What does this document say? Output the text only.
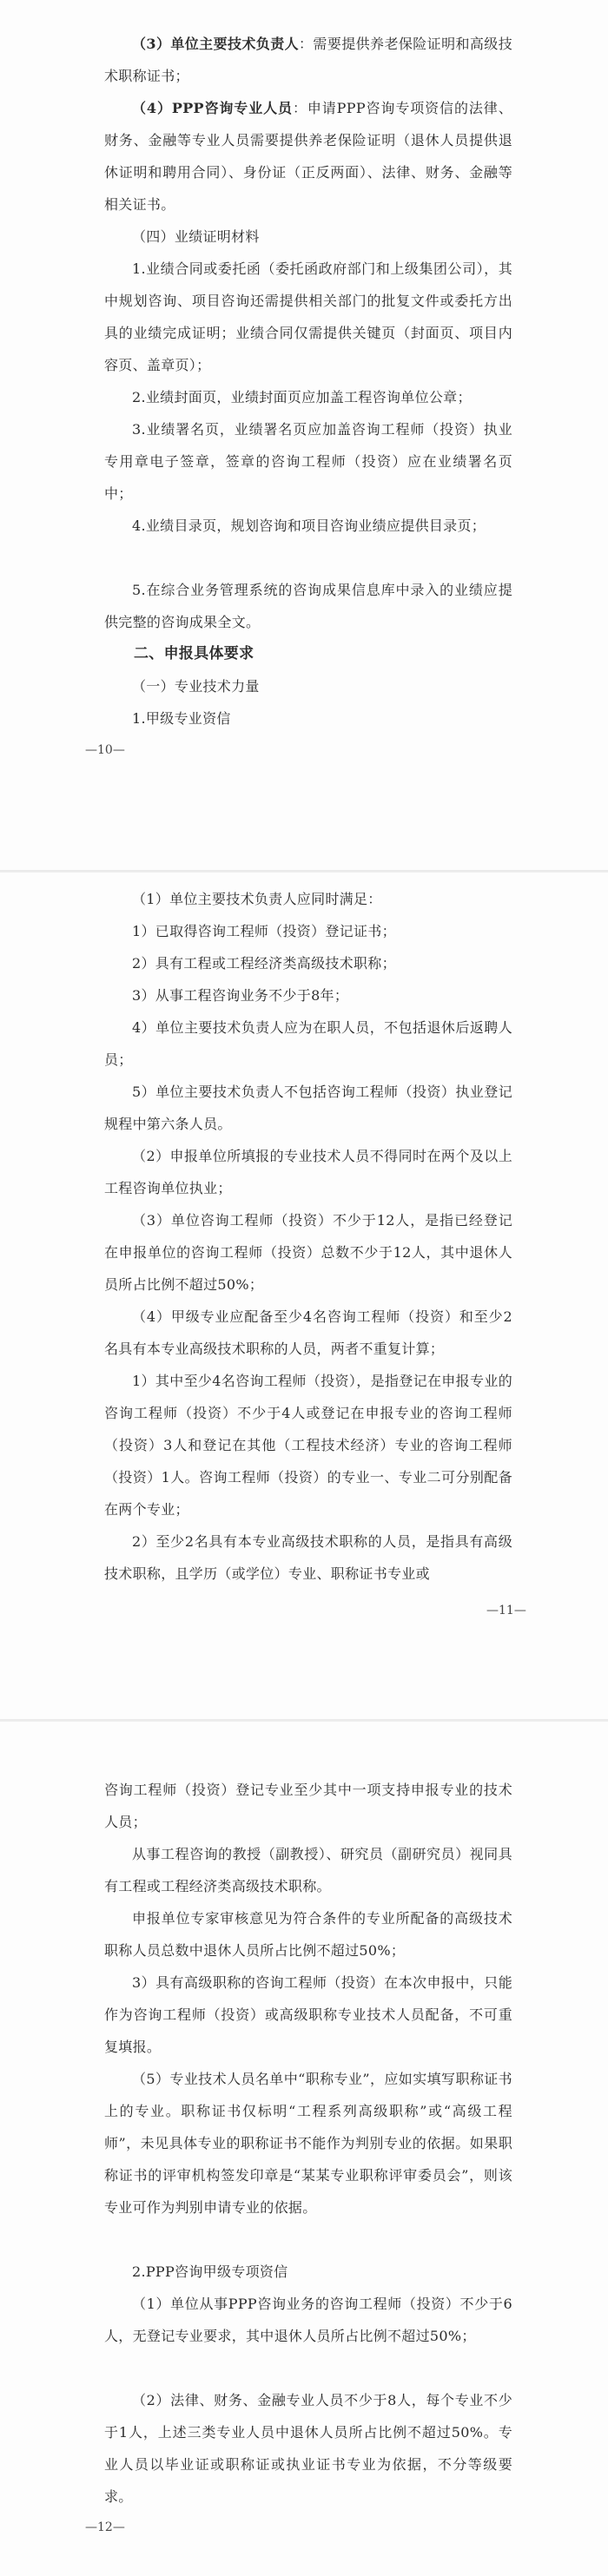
（3）单位主要技术负责人：需要提供养老保险证明和高级技术职称证书；

（4）PPP咨询专业人员：申请PPP咨询专项资信的法律、财务、金融等专业人员需要提供养老保险证明（退休人员提供退休证明和聘用合同）、身份证（正反两面）、法律、财务、金融等相关证书。

（四）业绩证明材料

1.业绩合同或委托函（委托函政府部门和上级集团公司），其中规划咨询、项目咨询还需提供相关部门的批复文件或委托方出具的业绩完成证明；业绩合同仅需提供关键页（封面页、项目内容页、盖章页）；

2.业绩封面页，业绩封面页应加盖工程咨询单位公章；

3.业绩署名页，业绩署名页应加盖咨询工程师（投资）执业专用章电子签章，签章的咨询工程师（投资）应在业绩署名页中；

4.业绩目录页，规划咨询和项目咨询业绩应提供目录页；

5.在综合业务管理系统的咨询成果信息库中录入的业绩应提供完整的咨询成果全文。

二、申报具体要求

（一）专业技术力量

1.甲级专业资信

—10—

（1）单位主要技术负责人应同时满足：

1）已取得咨询工程师（投资）登记证书；

2）具有工程或工程经济类高级技术职称；

3）从事工程咨询业务不少于8年；

4）单位主要技术负责人应为在职人员，不包括退休后返聘人员；

5）单位主要技术负责人不包括咨询工程师（投资）执业登记规程中第六条人员。

（2）申报单位所填报的专业技术人员不得同时在两个及以上工程咨询单位执业；

（3）单位咨询工程师（投资）不少于12人，是指已经登记在申报单位的咨询工程师（投资）总数不少于12人，其中退休人员所占比例不超过50%；

（4）甲级专业应配备至少4名咨询工程师（投资）和至少2名具有本专业高级技术职称的人员，两者不重复计算；

1）其中至少4名咨询工程师（投资），是指登记在申报专业的咨询工程师（投资）不少于4人或登记在申报专业的咨询工程师（投资）3人和登记在其他（工程技术经济）专业的咨询工程师（投资）1人。咨询工程师（投资）的专业一、专业二可分别配备在两个专业；

2）至少2名具有本专业高级技术职称的人员，是指具有高级技术职称，且学历（或学位）专业、职称证书专业或

—11—

咨询工程师（投资）登记专业至少其中一项支持申报专业的技术人员；

从事工程咨询的教授（副教授）、研究员（副研究员）视同具有工程或工程经济类高级技术职称。

申报单位专家审核意见为符合条件的专业所配备的高级技术职称人员总数中退休人员所占比例不超过50%；

3）具有高级职称的咨询工程师（投资）在本次申报中，只能作为咨询工程师（投资）或高级职称专业技术人员配备，不可重复填报。

（5）专业技术人员名单中“职称专业”，应如实填写职称证书上的专业。职称证书仅标明“工程系列高级职称”或“高级工程师”，未见具体专业的职称证书不能作为判别专业的依据。如果职称证书的评审机构签发印章是“某某专业职称评审委员会”，则该专业可作为判别申请专业的依据。

2.PPP咨询甲级专项资信

（1）单位从事PPP咨询业务的咨询工程师（投资）不少于6人，无登记专业要求，其中退休人员所占比例不超过50%；

（2）法律、财务、金融专业人员不少于8人，每个专业不少于1人，上述三类专业人员中退休人员所占比例不超过50%。专业人员以毕业证或职称证或执业证书专业为依据，不分等级要求。

—12—
